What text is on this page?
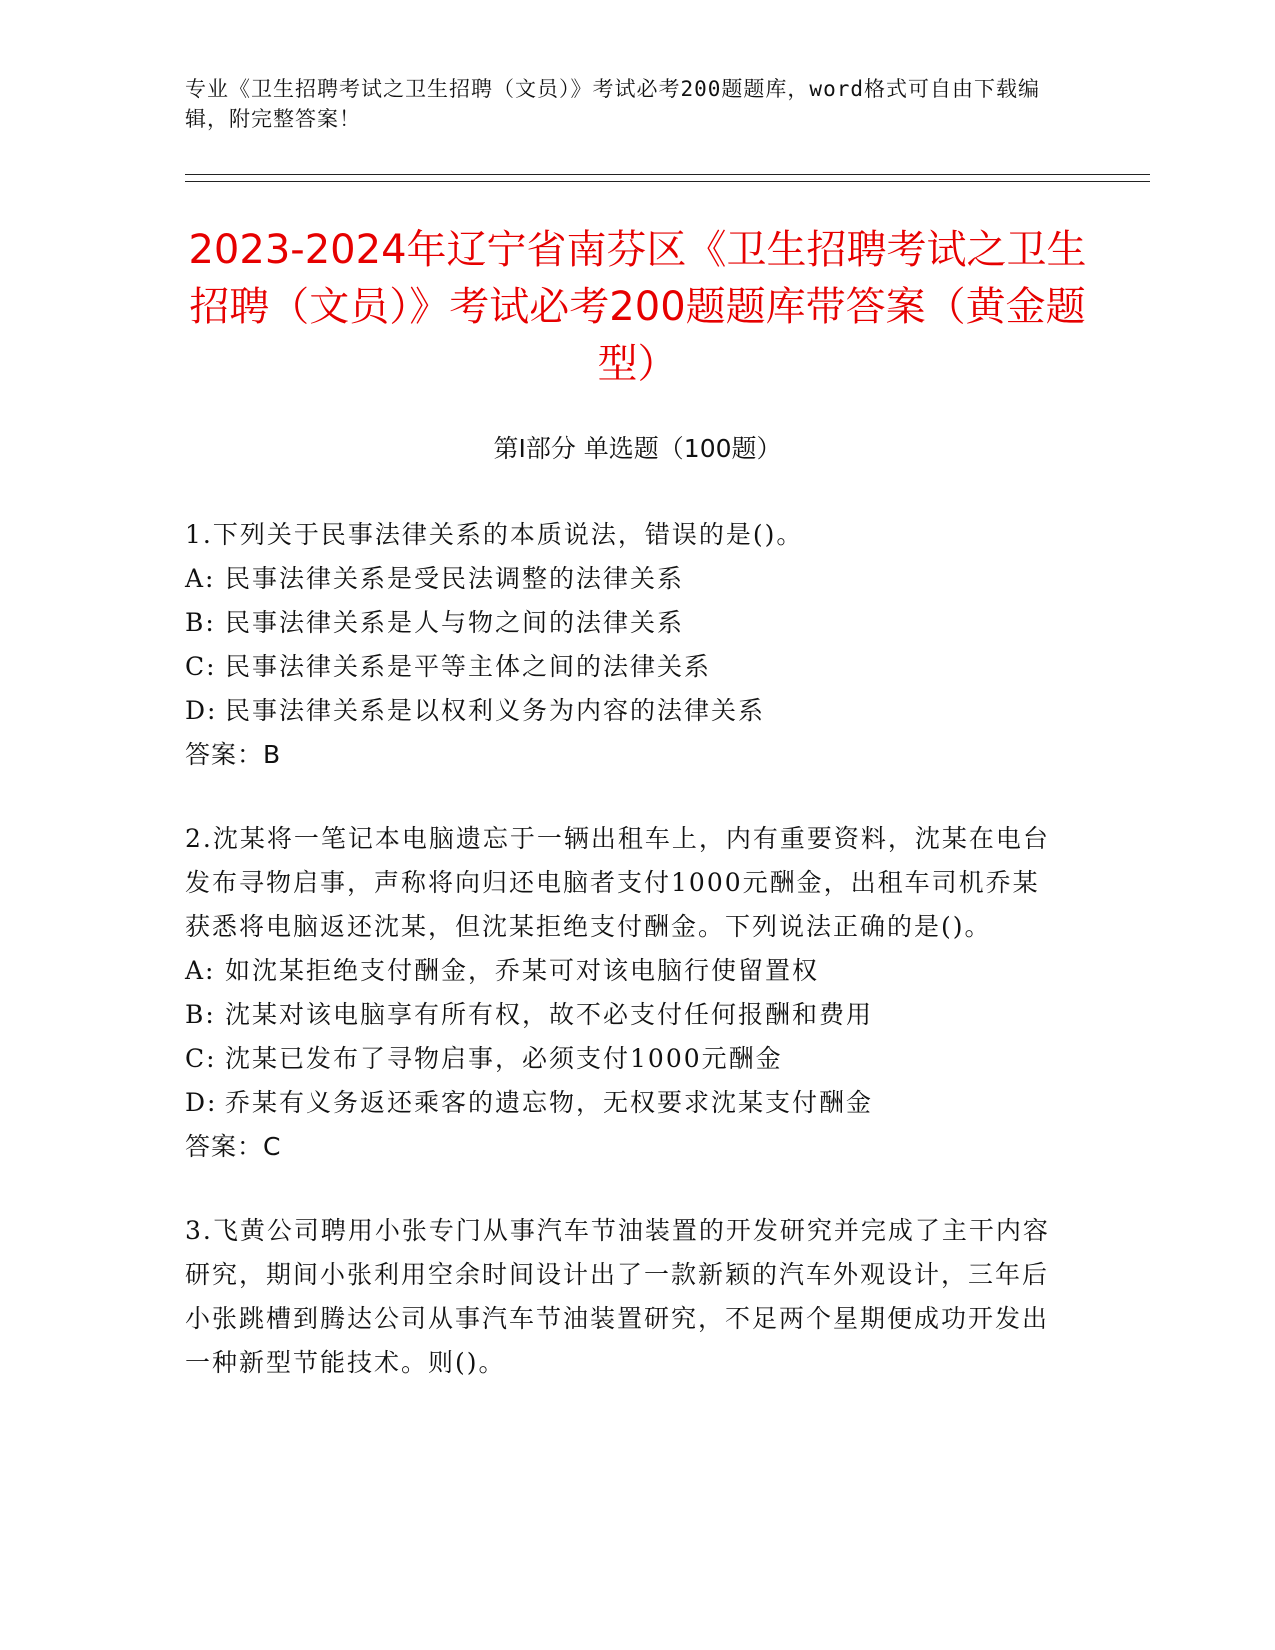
专业《卫生招聘考试之卫生招聘（文员）》考试必考200题题库，word格式可自由下载编辑，附完整答案！
2023-2024年辽宁省南芬区《卫生招聘考试之卫生招聘（文员）》考试必考200题题库带答案（黄金题型）
第Ⅰ部分 单选题（100题）

1.下列关于民事法律关系的本质说法，错误的是()。

A: 民事法律关系是受民法调整的法律关系

B: 民事法律关系是人与物之间的法律关系

C: 民事法律关系是平等主体之间的法律关系

D: 民事法律关系是以权利义务为内容的法律关系

答案：B

2.沈某将一笔记本电脑遗忘于一辆出租车上，内有重要资料，沈某在电台发布寻物启事，声称将向归还电脑者支付1000元酬金，出租车司机乔某获悉将电脑返还沈某，但沈某拒绝支付酬金。下列说法正确的是()。

A: 如沈某拒绝支付酬金，乔某可对该电脑行使留置权

B: 沈某对该电脑享有所有权，故不必支付任何报酬和费用

C: 沈某已发布了寻物启事，必须支付1000元酬金

D: 乔某有义务返还乘客的遗忘物，无权要求沈某支付酬金

答案：C

3.飞黄公司聘用小张专门从事汽车节油装置的开发研究并完成了主干内容研究，期间小张利用空余时间设计出了一款新颖的汽车外观设计，三年后小张跳槽到腾达公司从事汽车节油装置研究，不足两个星期便成功开发出一种新型节能技术。则()。
